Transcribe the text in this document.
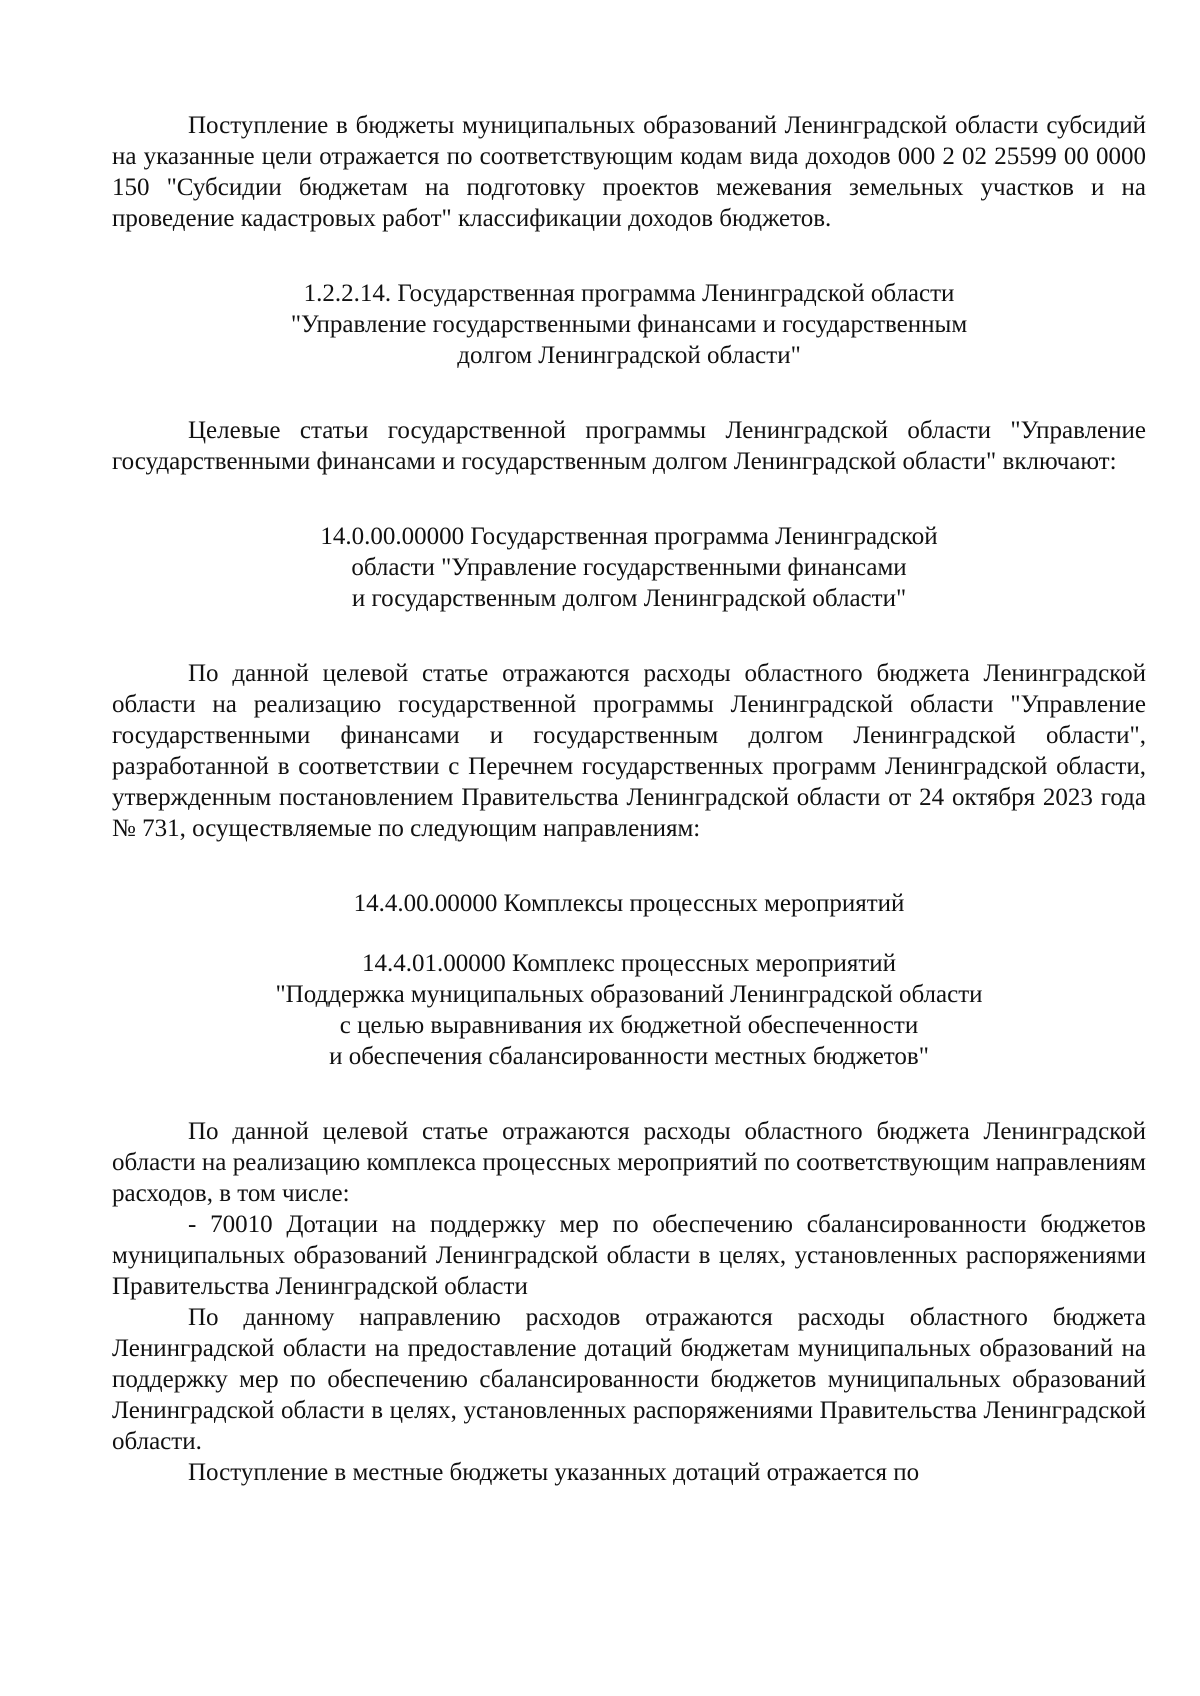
Поступление в бюджеты муниципальных образований Ленинградской области субсидий на указанные цели отражается по соответствующим кодам вида доходов 000 2 02 25599 00 0000 150 "Субсидии бюджетам на подготовку проектов межевания земельных участков и на проведение кадастровых работ" классификации доходов бюджетов.

1.2.2.14. Государственная программа Ленинградской области
"Управление государственными финансами и государственным
долгом Ленинградской области"

Целевые статьи государственной программы Ленинградской области "Управление государственными финансами и государственным долгом Ленинградской области" включают:

14.0.00.00000 Государственная программа Ленинградской
области "Управление государственными финансами
и государственным долгом Ленинградской области"

По данной целевой статье отражаются расходы областного бюджета Ленинградской области на реализацию государственной программы Ленинградской области "Управление государственными финансами и государственным долгом Ленинградской области", разработанной в соответствии с Перечнем государственных программ Ленинградской области, утвержденным постановлением Правительства Ленинградской области от 24 октября 2023 года № 731, осуществляемые по следующим направлениям:

14.4.00.00000 Комплексы процессных мероприятий
14.4.01.00000 Комплекс процессных мероприятий
"Поддержка муниципальных образований Ленинградской области
с целью выравнивания их бюджетной обеспеченности
и обеспечения сбалансированности местных бюджетов"

По данной целевой статье отражаются расходы областного бюджета Ленинградской области на реализацию комплекса процессных мероприятий по соответствующим направлениям расходов, в том числе:

- 70010 Дотации на поддержку мер по обеспечению сбалансированности бюджетов муниципальных образований Ленинградской области в целях, установленных распоряжениями Правительства Ленинградской области

По данному направлению расходов отражаются расходы областного бюджета Ленинградской области на предоставление дотаций бюджетам муниципальных образований на поддержку мер по обеспечению сбалансированности бюджетов муниципальных образований Ленинградской области в целях, установленных распоряжениями Правительства Ленинградской области.

Поступление в местные бюджеты указанных дотаций отражается по
